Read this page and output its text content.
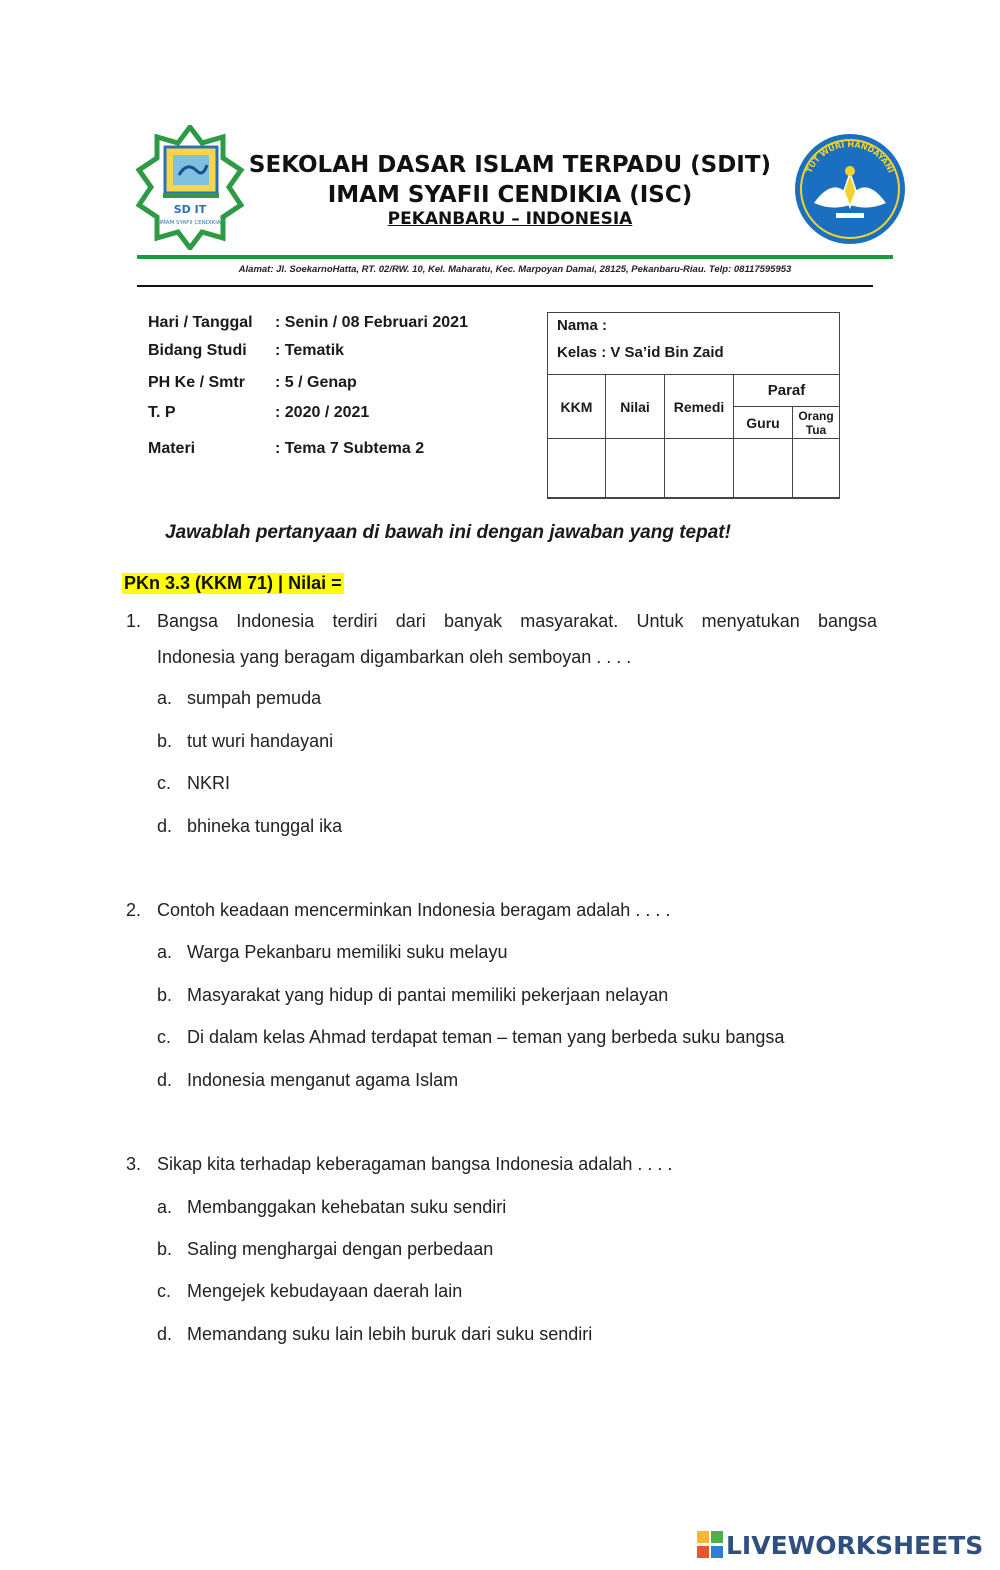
SD IT
IMAM SYAFII CENDIKIA
SEKOLAH DASAR ISLAM TERPADU (SDIT)
IMAM SYAFII CENDIKIA (ISC)
PEKANBARU – INDONESIA
TUT WURI HANDAYANI
Alamat: Jl. SoekarnoHatta, RT. 02/RW. 10, Kel. Maharatu, Kec. Marpoyan Damai, 28125, Pekanbaru-Riau. Telp: 08117595953
Hari / Tanggal : Senin / 08 Februari 2021
Bidang Studi : Tematik
PH Ke / Smtr : 5 / Genap
T. P	: 2020 / 2021
Materi	: Tema 7 Subtema 2
Nama :
Kelas : V Sa’id Bin Zaid
KKM	Nilai	Remedi	Paraf	
			Guru	Orang Tua

Jawablah pertanyaan di bawah ini dengan jawaban yang tepat!
PKn 3.3 (KKM 71) | Nilai =
1. Bangsa Indonesia terdiri dari banyak masyarakat. Untuk menyatukan bangsa
Indonesia yang beragam digambarkan oleh semboyan . . . .
a. sumpah pemuda
b. tut wuri handayani
c. NKRI
d. bhineka tunggal ika
2. Contoh keadaan mencerminkan Indonesia beragam adalah . . . .
a. Warga Pekanbaru memiliki suku melayu
b. Masyarakat yang hidup di pantai memiliki pekerjaan nelayan
c. Di dalam kelas Ahmad terdapat teman – teman yang berbeda suku bangsa
d. Indonesia menganut agama Islam
3. Sikap kita terhadap keberagaman bangsa Indonesia adalah . . . .
a. Membanggakan kehebatan suku sendiri
b. Saling menghargai dengan perbedaan
c. Mengejek kebudayaan daerah lain
d. Memandang suku lain lebih buruk dari suku sendiri
LIVEWORKSHEETS
